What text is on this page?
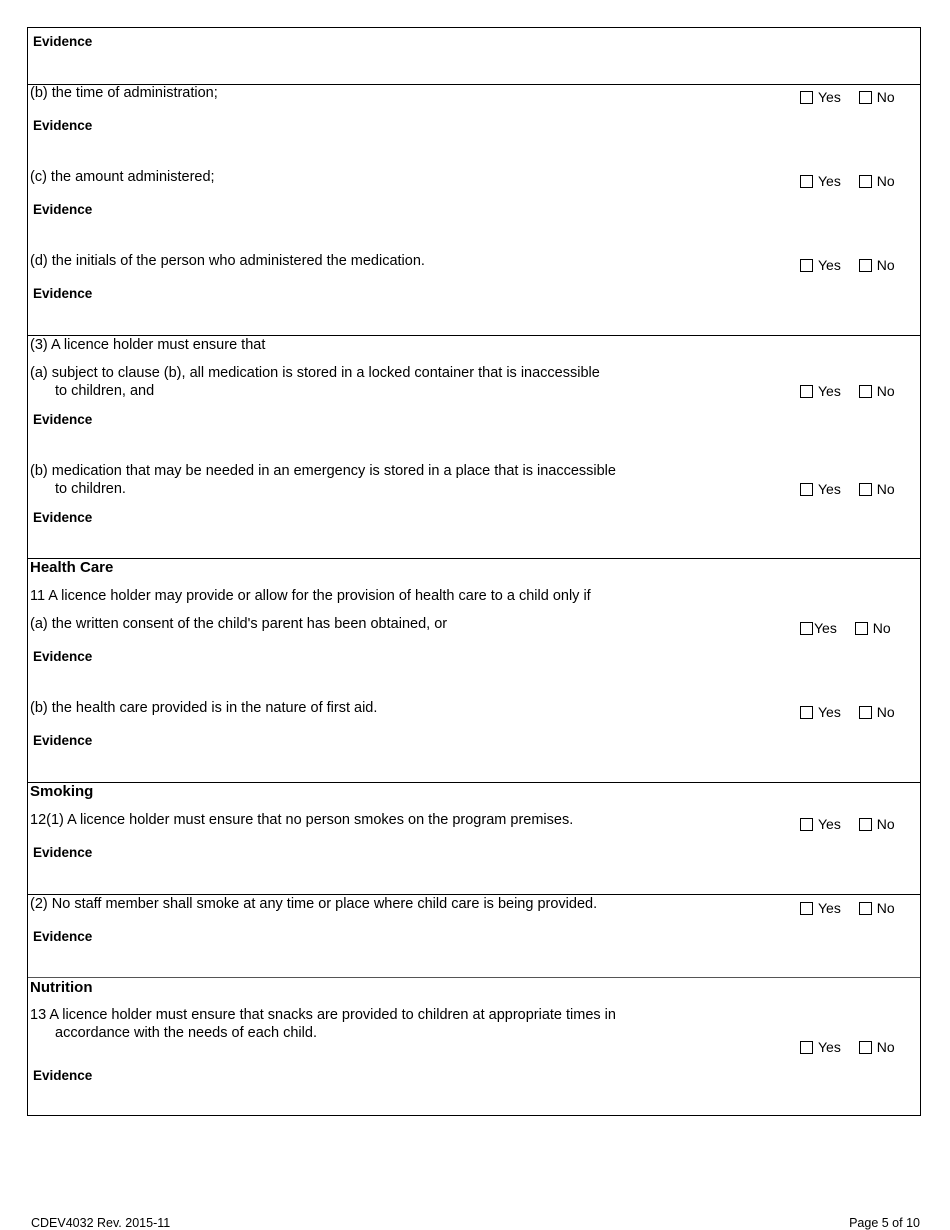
Evidence
(b) the time of administration;	Yes	No
Evidence
(c) the amount administered;	Yes	No
Evidence
(d) the initials of the person who administered the medication.	Yes	No
Evidence
(3) A licence holder must ensure that
(a) subject to clause (b), all medication is stored in a locked container that is inaccessible
to children, and	Yes	No
Evidence
(b) medication that may be needed in an emergency is stored in a place that is inaccessible
to children.	Yes	No
Evidence
Health Care
11 A licence holder may provide or allow for the provision of health care to a child only if
(a) the written consent of the child's parent has been obtained, or	Yes	No
Evidence
(b) the health care provided is in the nature of first aid.	Yes	No
Evidence
Smoking
12(1) A licence holder must ensure that no person smokes on the program premises.	Yes	No
Evidence
(2) No staff member shall smoke at any time or place where child care is being provided.	Yes	No
Evidence
Nutrition
13 A licence holder must ensure that snacks are provided to children at appropriate times in
accordance with the needs of each child.
Yes	No
Evidence
CDEV4032 Rev. 2015-11	Page 5 of 10
